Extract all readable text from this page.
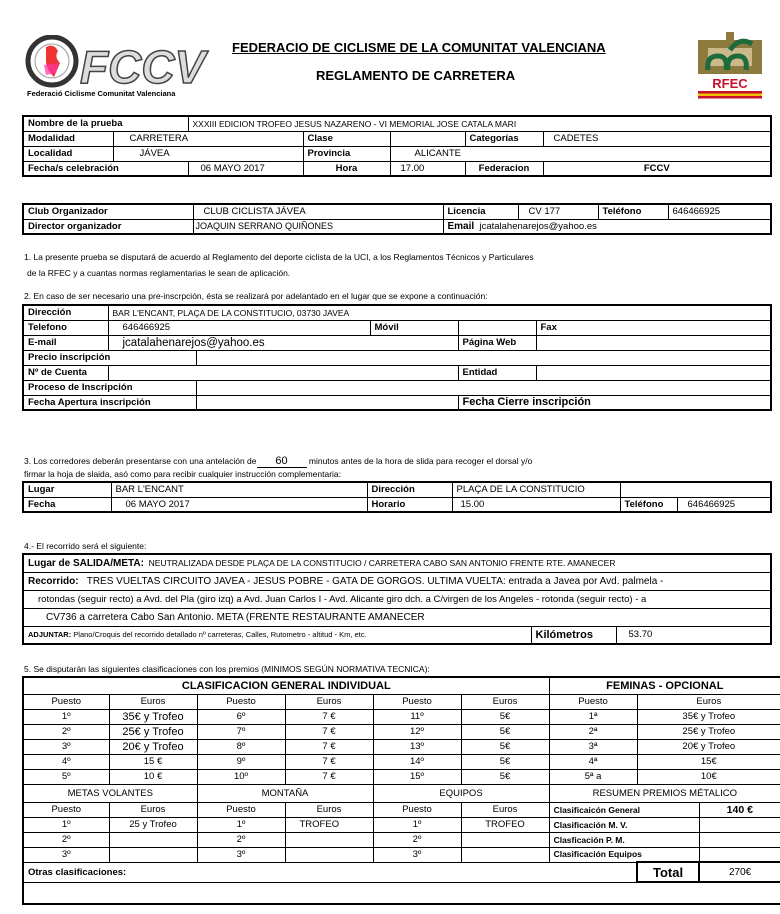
FCCV
Federació Ciclisme Comunitat Valenciana
FEDERACIO DE CICLISME DE LA COMUNITAT VALENCIANA
REGLAMENTO DE CARRETERA
RFEC
Nombre de la prueba		XXXIII EDICION TROFEO JESUS NAZARENO - VI MEMORIAL JOSE CATALA MARI				
Modalidad	CARRETERA		Clase		Categorías	CADETES
Localidad	JÁVEA		Provincia	ALICANTE		
Fecha/s celebración		06 MAYO 2017	Hora	17.00	Federacion	FCCV
Club Organizador	CLUB CICLISTA JÁVEA	Licencia	CV 177	Teléfono	646466925
Director organizador	JOAQUIN SERRANO QUIÑONES	Email jcatalahenarejos@yahoo.es			
1. La presente prueba se disputará de acuerdo al Reglamento del deporte ciclista de la UCI, a los Reglamentos Técnicos y Particulares
de la RFEC y a cuantas normas reglamentarias le sean de aplicación.
2. En caso de ser necesario una pre-inscrpción, ésta se realizará por adelantado en el lugar que se expone a continuación:
Dirección	BAR L'ENCANT, PLAÇA DE LA CONSTITUCIO, 03730 JAVEA				
Telefono	646466925		Móvil		Fax
E-mail	jcatalahenarejos@yahoo.es			Página Web	
Precio inscripción					
Nº de Cuenta				Entidad	
Proceso de Inscripción					
Fecha Apertura inscripción				Fecha Cierre inscripción	
3. Los corredores deberán presentarse con una antelación de 60	minutos antes de la hora de slida para recoger el dorsal y/o
firmar la hoja de slaida, asó como para recibir cualquier instrucción complementaria:
Lugar	BAR L'ENCANT	Dirección	PLAÇA DE LA CONSTITUCIO		
Fecha	06 MAYO 2017	Horario	15.00	Teléfono	646466925
4.- El recorrido será el siguiente:
Lugar de SALIDA/META: NEUTRALIZADA DESDE PLAÇA DE LA CONSTITUCIO / CARRETERA CABO SAN ANTONIO FRENTE RTE. AMANECER
Recorrido: TRES VUELTAS CIRCUITO JAVEA - JESUS POBRE - GATA DE GORGOS. ULTIMA VUELTA: entrada a Javea por Avd. palmela -
rotondas (seguir recto) a Avd. del Pla (giro izq) a Avd. Juan Carlos I - Avd. Alicante giro dch. a C/virgen de los Angeles - rotonda (seguir recto) - a
CV736 a carretera Cabo San Antonio. META (FRENTE RESTAURANTE AMANECER
ADJUNTAR: Plano/Croquis del recorrido detallado nº carreteras, Calles, Rutometro - altitud - Km, etc.	Kilómetros	53.70
5. Se disputarán las siguientes clasificaciones con los premios (MINIMOS SEGÚN NORMATIVA TECNICA):
CLASIFICACION GENERAL INDIVIDUAL						FEMINAS - OPCIONAL		
Puesto	Euros	Puesto	Euros	Puesto	Euros	Puesto	Euros	
1º	35€ y Trofeo	6º	7 €	11º	5€	1ª	35€ y Trofeo	
2º	25€ y Trofeo	7º	7 €	12º	5€	2ª	25€ y Trofeo	
3º	20€ y Trofeo	8º	7 €	13º	5€	3ª	20€ y Trofeo	
4º	15 €	9º	7 €	14º	5€	4ª	15€	
5º	10 €	10º	7 €	15º	5€	5ª a	10€	
METAS VOLANTES		MONTAÑA		EQUIPOS		RESUMEN PREMIOS MÉTALICO		
Puesto	Euros	Puesto	Euros	Puesto	Euros	Clasificaicón General		140 €
1º	25 y Trofeo	1º	TROFEO	1º	TROFEO	Clasificación M. V.		
2º		2º		2º		Clasficación P. M.		
3º		3º		3º		Clasificación Equipos		
Otras clasificaciones:							Total	270€
